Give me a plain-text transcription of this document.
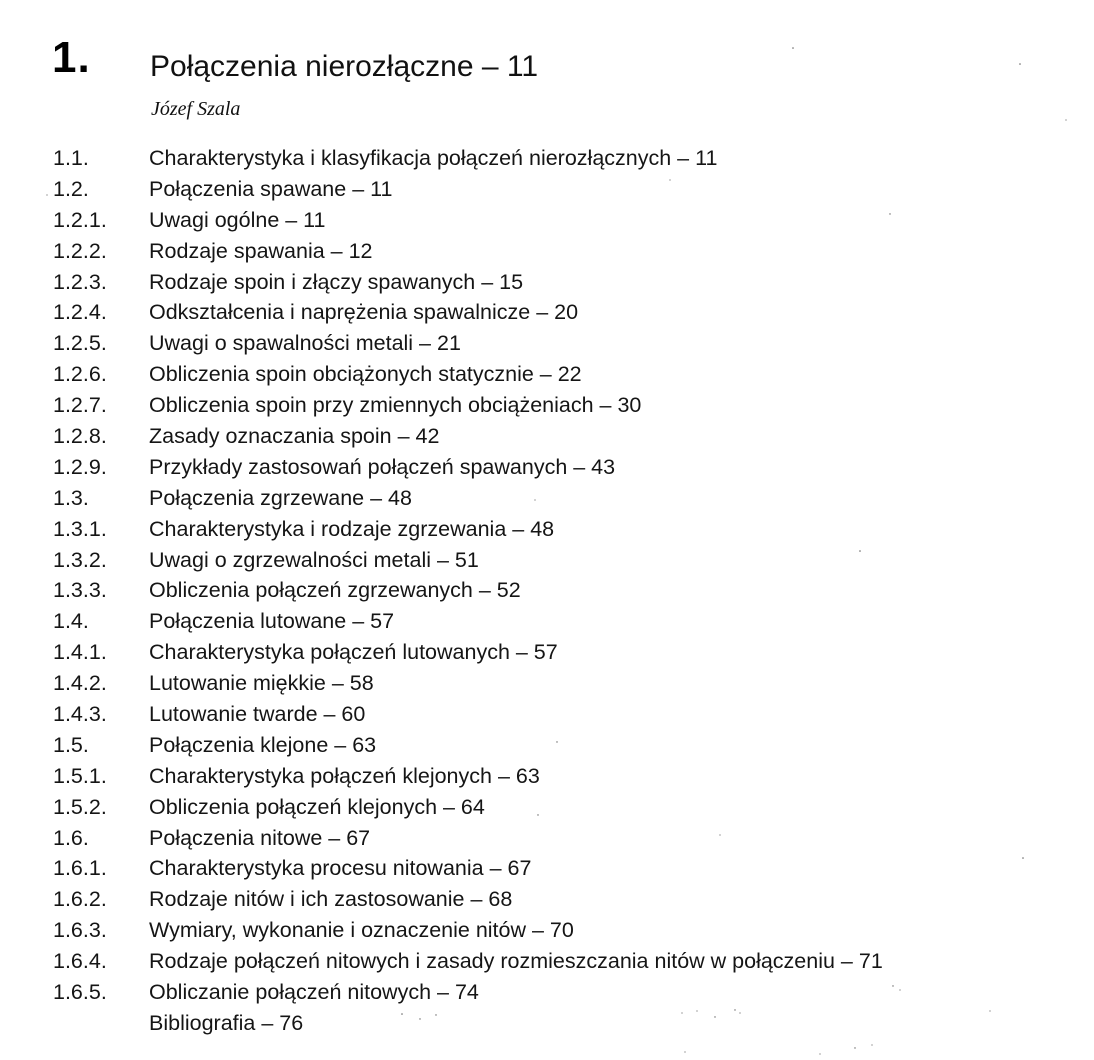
1. Połączenia nierozłączne – 11
Józef Szala
1.1.	Charakterystyka i klasyfikacja połączeń nierozłącznych – 11
1.2.	Połączenia spawane – 11
1.2.1. Uwagi ogólne – 11
1.2.2. Rodzaje spawania – 12
1.2.3. Rodzaje spoin i złączy spawanych – 15
1.2.4. Odkształcenia i naprężenia spawalnicze – 20
1.2.5. Uwagi o spawalności metali – 21
1.2.6. Obliczenia spoin obciążonych statycznie – 22
1.2.7. Obliczenia spoin przy zmiennych obciążeniach – 30
1.2.8. Zasady oznaczania spoin – 42
1.2.9. Przykłady zastosowań połączeń spawanych – 43
1.3.	Połączenia zgrzewane – 48
1.3.1. Charakterystyka i rodzaje zgrzewania – 48
1.3.2. Uwagi o zgrzewalności metali – 51
1.3.3. Obliczenia połączeń zgrzewanych – 52
1.4.	Połączenia lutowane – 57
1.4.1. Charakterystyka połączeń lutowanych – 57
1.4.2. Lutowanie miękkie – 58
1.4.3. Lutowanie twarde – 60
1.5.	Połączenia klejone – 63
1.5.1. Charakterystyka połączeń klejonych – 63
1.5.2. Obliczenia połączeń klejonych – 64
1.6.	Połączenia nitowe – 67
1.6.1. Charakterystyka procesu nitowania – 67
1.6.2. Rodzaje nitów i ich zastosowanie – 68
1.6.3. Wymiary, wykonanie i oznaczenie nitów – 70
1.6.4. Rodzaje połączeń nitowych i zasady rozmieszczania nitów w połączeniu – 71
1.6.5. Obliczanie połączeń nitowych – 74
Bibliografia – 76
